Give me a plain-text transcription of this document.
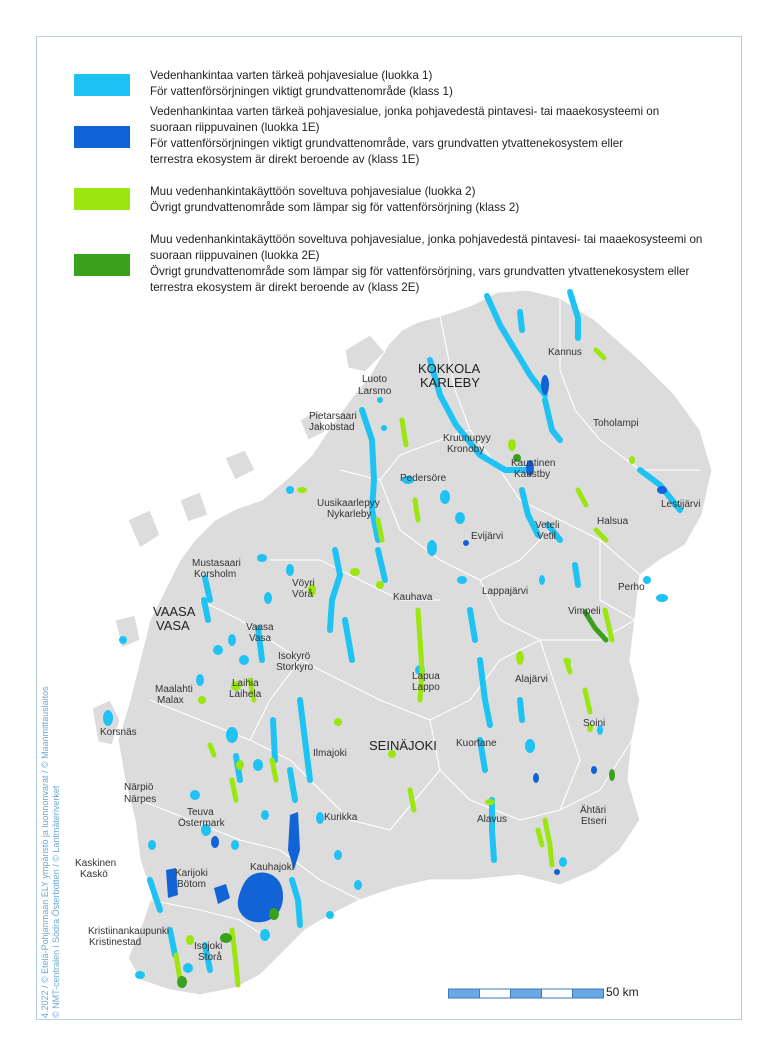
KOKKOLA
KARLEBY
Kannus
Luoto
Larsmo
Pietarsaari
Jakobstad	Toholampi
Kruunupyy
Kronoby
Kaustinen
Kaustby
Pedersöre
Uusikaarlepyy
Nykarleby
Lestijärvi
Veteli
Vetil
Halsua
Evijärvi
Mustasaari
Korsholm
Vöyri
Vörå	Lappajärvi	Perho
VAASA
VASA
Kauhava
Vimpeli
Vaasa
Vasa
Isokyrö
Storkyro
Laihia
Laihela
Lapua
Lappo
Alajärvi
Maalahti
Malax
Korsnäs
Soini
SEINÄJOKI
Ilmajoki
Kuortane
Närpiö
Närpes
Teuva
Östermark
Kurikka	Alavus
Ähtäri
Etseri
Kaskinen
Kaskö	Karijoki
Bötom
Kauhajoki
Kristiinankaupunki
Kristinestad	Isojoki
Storå
Vedenhankintaa varten tärkeä pohjavesialue (luokka 1)
För vattenförsörjningen viktigt grundvattenområde (klass 1)
Vedenhankintaa varten tärkeä pohjavesialue, jonka pohjavedestä pintavesi- tai maaekosysteemi on
suoraan riippuvainen (luokka 1E)
För vattenförsörjningen viktigt grundvattenområde, vars grundvatten ytvattenekosystem eller
terrestra ekosystem är direkt beroende av (klass 1E)
Muu vedenhankintakäyttöön soveltuva pohjavesialue (luokka 2)
Övrigt grundvattenområde som lämpar sig för vattenförsörjning (klass 2)
Muu vedenhankintakäyttöön soveltuva pohjavesialue, jonka pohjavedestä pintavesi- tai maaekosysteemi on
suoraan riippuvainen (luokka 2E)
Övrigt grundvattenområde som lämpar sig för vattenförsörjning, vars grundvatten ytvattenekosystem eller
terrestra ekosystem är direkt beroende av (klass 2E)
4.2022 / © Etelä-Pohjanmaan ELY ympäristö ja luonnonvarat / © Maanmittauslaitos © NMT-centralen i Södra Österbotten / © Lantmäteriverket	50 km
